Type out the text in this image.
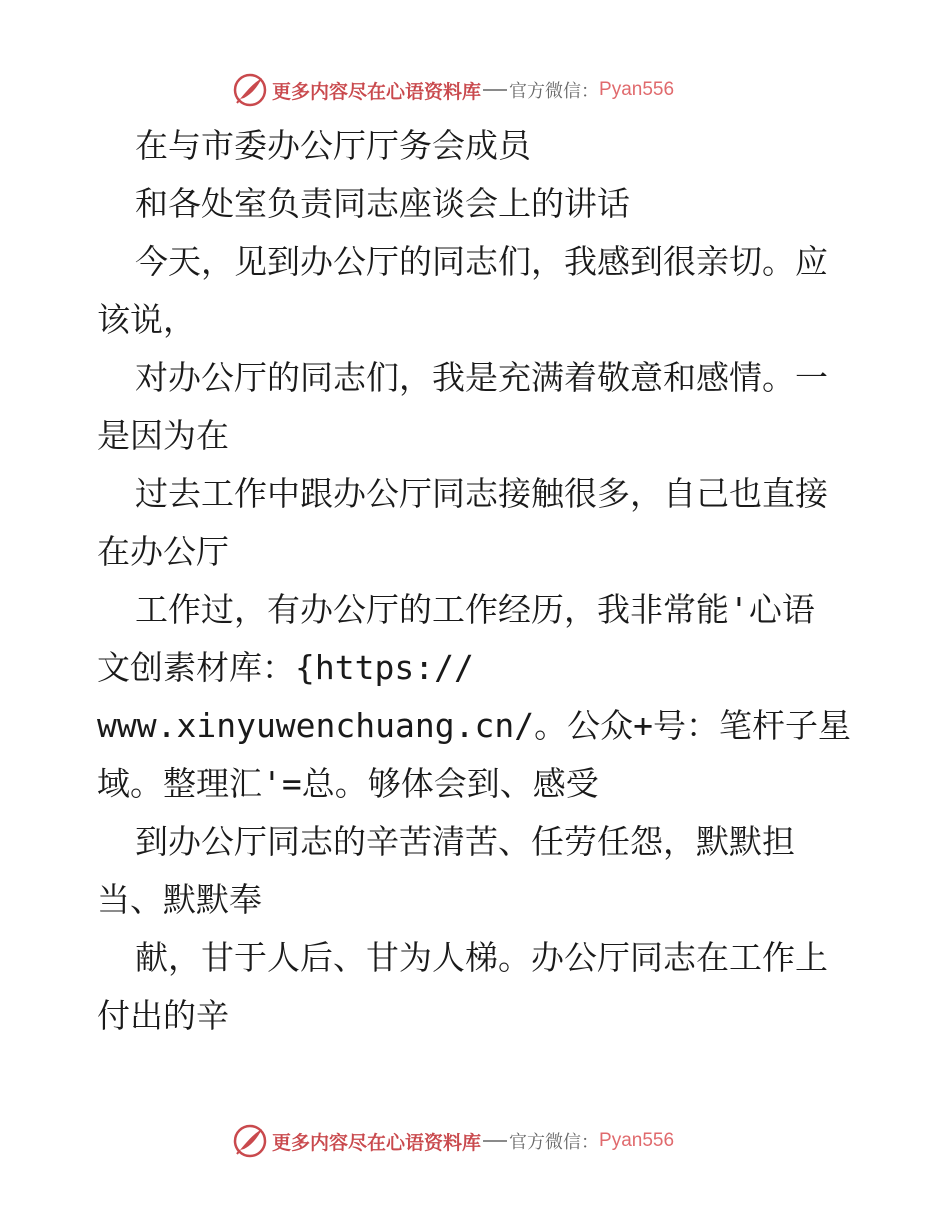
更多内容尽在心语资料库 官方微信： Pyan556
在与市委办公厅厅务会成员
和各处室负责同志座谈会上的讲话
今天，见到办公厅的同志们，我感到很亲切。应
该说，
对办公厅的同志们，我是充满着敬意和感情。一
是因为在
过去工作中跟办公厅同志接触很多，自己也直接
在办公厅
工作过，有办公厅的工作经历，我非常能'心语
文创素材库：{https://
www.xinyuwenchuang.cn/。公众+号：笔杆子星
域。整理汇'=总。够体会到、感受
到办公厅同志的辛苦清苦、任劳任怨，默默担
当、默默奉
献，甘于人后、甘为人梯。办公厅同志在工作上
付出的辛
更多内容尽在心语资料库 官方微信： Pyan556
